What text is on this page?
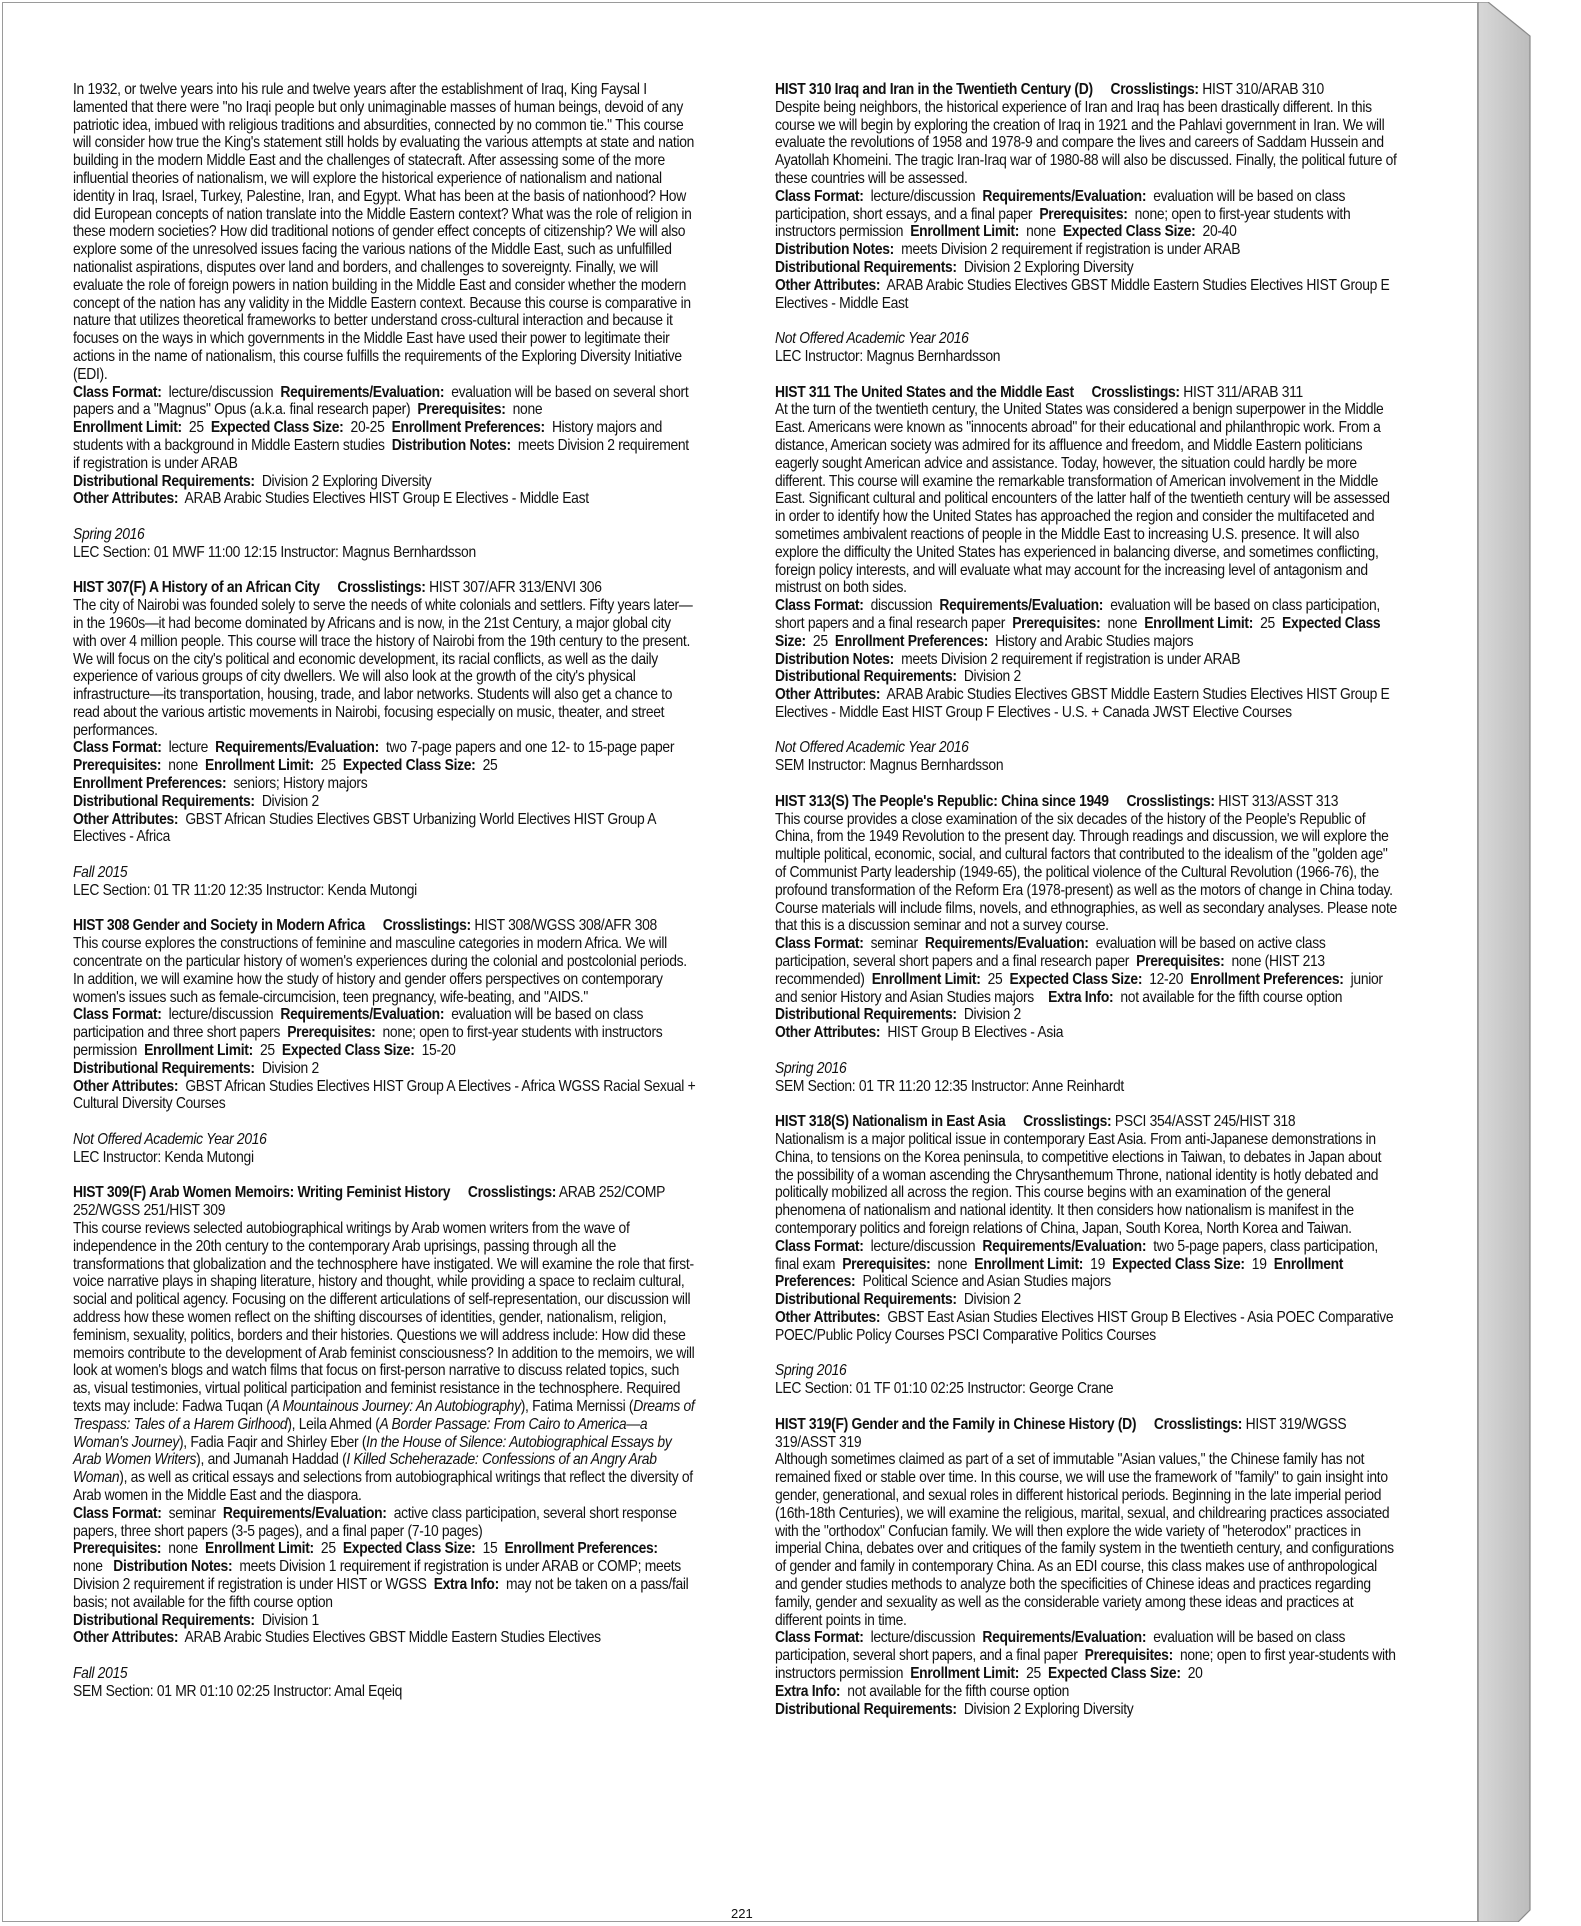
In 1932, or twelve years into his rule and twelve years after the establishment of Iraq, King Faysal I lamented that there were "no Iraqi people but only unimaginable masses of human beings, devoid of any patriotic idea, imbued with religious traditions and absurdities, connected by no common tie." This course will consider how true the King's statement still holds by evaluating the various attempts at state and nation building in the modern Middle East and the challenges of statecraft. After assessing some of the more influential theories of nationalism, we will explore the historical experience of nationalism and national identity in Iraq, Israel, Turkey, Palestine, Iran, and Egypt. What has been at the basis of nationhood? How did European concepts of nation translate into the Middle Eastern context? What was the role of religion in these modern societies? How did traditional notions of gender effect concepts of citizenship? We will also explore some of the unresolved issues facing the various nations of the Middle East, such as unfulfilled nationalist aspirations, disputes over land and borders, and challenges to sovereignty. Finally, we will evaluate the role of foreign powers in nation building in the Middle East and consider whether the modern concept of the nation has any validity in the Middle Eastern context. Because this course is comparative in nature that utilizes theoretical frameworks to better understand cross-cultural interaction and because it focuses on the ways in which governments in the Middle East have used their power to legitimate their actions in the name of nationalism, this course fulfills the requirements of the Exploring Diversity Initiative (EDI).

Class Format: lecture/discussion Requirements/Evaluation: evaluation will be based on several short papers and a "Magnus" Opus (a.k.a. final research paper) Prerequisites: none
Enrollment Limit: 25 Expected Class Size: 20-25 Enrollment Preferences: History majors and students with a background in Middle Eastern studies Distribution Notes: meets Division 2 requirement if registration is under ARAB
Distributional Requirements: Division 2 Exploring Diversity
Other Attributes: ARAB Arabic Studies Electives HIST Group E Electives - Middle East

Spring 2016
LEC Section: 01 MWF 11:00 12:15 Instructor: Magnus Bernhardsson

HIST 307(F) A History of an African City Crosslistings: HIST 307/AFR 313/ENVI 306

The city of Nairobi was founded solely to serve the needs of white colonials and settlers. Fifty years later—in the 1960s—it had become dominated by Africans and is now, in the 21st Century, a major global city with over 4 million people. This course will trace the history of Nairobi from the 19th century to the present.

We will focus on the city's political and economic development, its racial conflicts, as well as the daily experience of various groups of city dwellers. We will also look at the growth of the city's physical infrastructure—its transportation, housing, trade, and labor networks. Students will also get a chance to read about the various artistic movements in Nairobi, focusing especially on music, theater, and street performances.

Class Format: lecture Requirements/Evaluation: two 7-page papers and one 12- to 15-page paper  Prerequisites: none Enrollment Limit: 25 Expected Class Size: 25
Enrollment Preferences: seniors; History majors
Distributional Requirements: Division 2
Other Attributes: GBST African Studies Electives GBST Urbanizing World Electives HIST Group A Electives - Africa

Fall 2015
LEC Section: 01 TR 11:20 12:35 Instructor: Kenda Mutongi

HIST 308 Gender and Society in Modern Africa Crosslistings: HIST 308/WGSS 308/AFR 308

This course explores the constructions of feminine and masculine categories in modern Africa. We will concentrate on the particular history of women's experiences during the colonial and postcolonial periods. In addition, we will examine how the study of history and gender offers perspectives on contemporary women's issues such as female-circumcision, teen pregnancy, wife-beating, and "AIDS."

Class Format: lecture/discussion Requirements/Evaluation: evaluation will be based on class participation and three short papers Prerequisites: none; open to first-year students with instructors permission Enrollment Limit: 25 Expected Class Size: 15-20
Distributional Requirements: Division 2
Other Attributes: GBST African Studies Electives HIST Group A Electives - Africa WGSS Racial Sexual + Cultural Diversity Courses

Not Offered Academic Year 2016
LEC Instructor: Kenda Mutongi

HIST 309(F) Arab Women Memoirs: Writing Feminist History Crosslistings: ARAB 252/COMP 252/WGSS 251/HIST 309

This course reviews selected autobiographical writings by Arab women writers from the wave of independence in the 20th century to the contemporary Arab uprisings, passing through all the transformations that globalization and the technosphere have instigated. We will examine the role that first-voice narrative plays in shaping literature, history and thought, while providing a space to reclaim cultural, social and political agency. Focusing on the different articulations of self-representation, our discussion will address how these women reflect on the shifting discourses of identities, gender, nationalism, religion, feminism, sexuality, politics, borders and their histories. Questions we will address include: How did these memoirs contribute to the development of Arab feminist consciousness? In addition to the memoirs, we will look at women's blogs and watch films that focus on first-person narrative to discuss related topics, such as, visual testimonies, virtual political participation and feminist resistance in the technosphere. Required texts may include: Fadwa Tuqan (A Mountainous Journey: An Autobiography), Fatima Mernissi (Dreams of Trespass: Tales of a Harem Girlhood), Leila Ahmed (A Border Passage: From Cairo to America—a Woman's Journey), Fadia Faqir and Shirley Eber (In the House of Silence: Autobiographical Essays by Arab Women Writers), and Jumanah Haddad (I Killed Scheherazade: Confessions of an Angry Arab Woman), as well as critical essays and selections from autobiographical writings that reflect the diversity of Arab women in the Middle East and the diaspora.

Class Format: seminar Requirements/Evaluation: active class participation, several short response papers, three short papers (3-5 pages), and a final paper (7-10 pages)
Prerequisites: none Enrollment Limit: 25 Expected Class Size: 15 Enrollment Preferences:  none Distribution Notes: meets Division 1 requirement if registration is under ARAB or COMP; meets Division 2 requirement if registration is under HIST or WGSS Extra Info: may not be taken on a pass/fail basis; not available for the fifth course option
Distributional Requirements: Division 1
Other Attributes: ARAB Arabic Studies Electives GBST Middle Eastern Studies Electives

Fall 2015
SEM Section: 01 MR 01:10 02:25 Instructor: Amal Eqeiq

HIST 310 Iraq and Iran in the Twentieth Century (D) Crosslistings: HIST 310/ARAB 310

Despite being neighbors, the historical experience of Iran and Iraq has been drastically different. In this course we will begin by exploring the creation of Iraq in 1921 and the Pahlavi government in Iran. We will evaluate the revolutions of 1958 and 1978-9 and compare the lives and careers of Saddam Hussein and Ayatollah Khomeini. The tragic Iran-Iraq war of 1980-88 will also be discussed. Finally, the political future of these countries will be assessed.

Class Format: lecture/discussion Requirements/Evaluation: evaluation will be based on class participation, short essays, and a final paper Prerequisites: none; open to first-year students with instructors permission Enrollment Limit: none Expected Class Size: 20-40
Distribution Notes: meets Division 2 requirement if registration is under ARAB
Distributional Requirements: Division 2 Exploring Diversity
Other Attributes: ARAB Arabic Studies Electives GBST Middle Eastern Studies Electives HIST Group E Electives - Middle East

Not Offered Academic Year 2016
LEC Instructor: Magnus Bernhardsson

HIST 311 The United States and the Middle East Crosslistings: HIST 311/ARAB 311

At the turn of the twentieth century, the United States was considered a benign superpower in the Middle East. Americans were known as "innocents abroad" for their educational and philanthropic work. From a distance, American society was admired for its affluence and freedom, and Middle Eastern politicians eagerly sought American advice and assistance. Today, however, the situation could hardly be more different. This course will examine the remarkable transformation of American involvement in the Middle East. Significant cultural and political encounters of the latter half of the twentieth century will be assessed in order to identify how the United States has approached the region and consider the multifaceted and sometimes ambivalent reactions of people in the Middle East to increasing U.S. presence. It will also explore the difficulty the United States has experienced in balancing diverse, and sometimes conflicting, foreign policy interests, and will evaluate what may account for the increasing level of antagonism and mistrust on both sides.

Class Format: discussion Requirements/Evaluation: evaluation will be based on class participation, short papers and a final research paper Prerequisites: none Enrollment Limit: 25 Expected Class Size: 25 Enrollment Preferences: History and Arabic Studies majors
Distribution Notes: meets Division 2 requirement if registration is under ARAB
Distributional Requirements: Division 2
Other Attributes: ARAB Arabic Studies Electives GBST Middle Eastern Studies Electives HIST Group E Electives - Middle East HIST Group F Electives - U.S. + Canada JWST Elective Courses

Not Offered Academic Year 2016
SEM Instructor: Magnus Bernhardsson

HIST 313(S) The People's Republic: China since 1949 Crosslistings: HIST 313/ASST 313

This course provides a close examination of the six decades of the history of the People's Republic of China, from the 1949 Revolution to the present day. Through readings and discussion, we will explore the multiple political, economic, social, and cultural factors that contributed to the idealism of the "golden age" of Communist Party leadership (1949-65), the political violence of the Cultural Revolution (1966-76), the profound transformation of the Reform Era (1978-present) as well as the motors of change in China today. Course materials will include films, novels, and ethnographies, as well as secondary analyses. Please note that this is a discussion seminar and not a survey course.

Class Format: seminar Requirements/Evaluation: evaluation will be based on active class participation, several short papers and a final research paper Prerequisites: none (HIST 213 recommended) Enrollment Limit: 25 Expected Class Size: 12-20 Enrollment Preferences: junior and senior History and Asian Studies majors Extra Info: not available for the fifth course option
Distributional Requirements: Division 2
Other Attributes: HIST Group B Electives - Asia

Spring 2016
SEM Section: 01 TR 11:20 12:35 Instructor: Anne Reinhardt

HIST 318(S) Nationalism in East Asia Crosslistings: PSCI 354/ASST 245/HIST 318

Nationalism is a major political issue in contemporary East Asia. From anti-Japanese demonstrations in China, to tensions on the Korea peninsula, to competitive elections in Taiwan, to debates in Japan about the possibility of a woman ascending the Chrysanthemum Throne, national identity is hotly debated and politically mobilized all across the region. This course begins with an examination of the general phenomena of nationalism and national identity. It then considers how nationalism is manifest in the contemporary politics and foreign relations of China, Japan, South Korea, North Korea and Taiwan.

Class Format: lecture/discussion Requirements/Evaluation: two 5-page papers, class participation, final exam Prerequisites: none Enrollment Limit: 19 Expected Class Size: 19 Enrollment Preferences: Political Science and Asian Studies majors
Distributional Requirements: Division 2
Other Attributes: GBST East Asian Studies Electives HIST Group B Electives - Asia POEC Comparative POEC/Public Policy Courses PSCI Comparative Politics Courses

Spring 2016
LEC Section: 01 TF 01:10 02:25 Instructor: George Crane

HIST 319(F) Gender and the Family in Chinese History (D) Crosslistings: HIST 319/WGSS 319/ASST 319

Although sometimes claimed as part of a set of immutable "Asian values," the Chinese family has not remained fixed or stable over time. In this course, we will use the framework of "family" to gain insight into gender, generational, and sexual roles in different historical periods. Beginning in the late imperial period (16th-18th Centuries), we will examine the religious, marital, sexual, and childrearing practices associated with the "orthodox" Confucian family. We will then explore the wide variety of "heterodox" practices in imperial China, debates over and critiques of the family system in the twentieth century, and configurations of gender and family in contemporary China. As an EDI course, this class makes use of anthropological and gender studies methods to analyze both the specificities of Chinese ideas and practices regarding family, gender and sexuality as well as the considerable variety among these ideas and practices at different points in time.

Class Format: lecture/discussion Requirements/Evaluation: evaluation will be based on class participation, several short papers, and a final paper Prerequisites: none; open to first year-students with instructors permission Enrollment Limit: 25 Expected Class Size: 20
Extra Info: not available for the fifth course option
Distributional Requirements: Division 2 Exploring Diversity

221
